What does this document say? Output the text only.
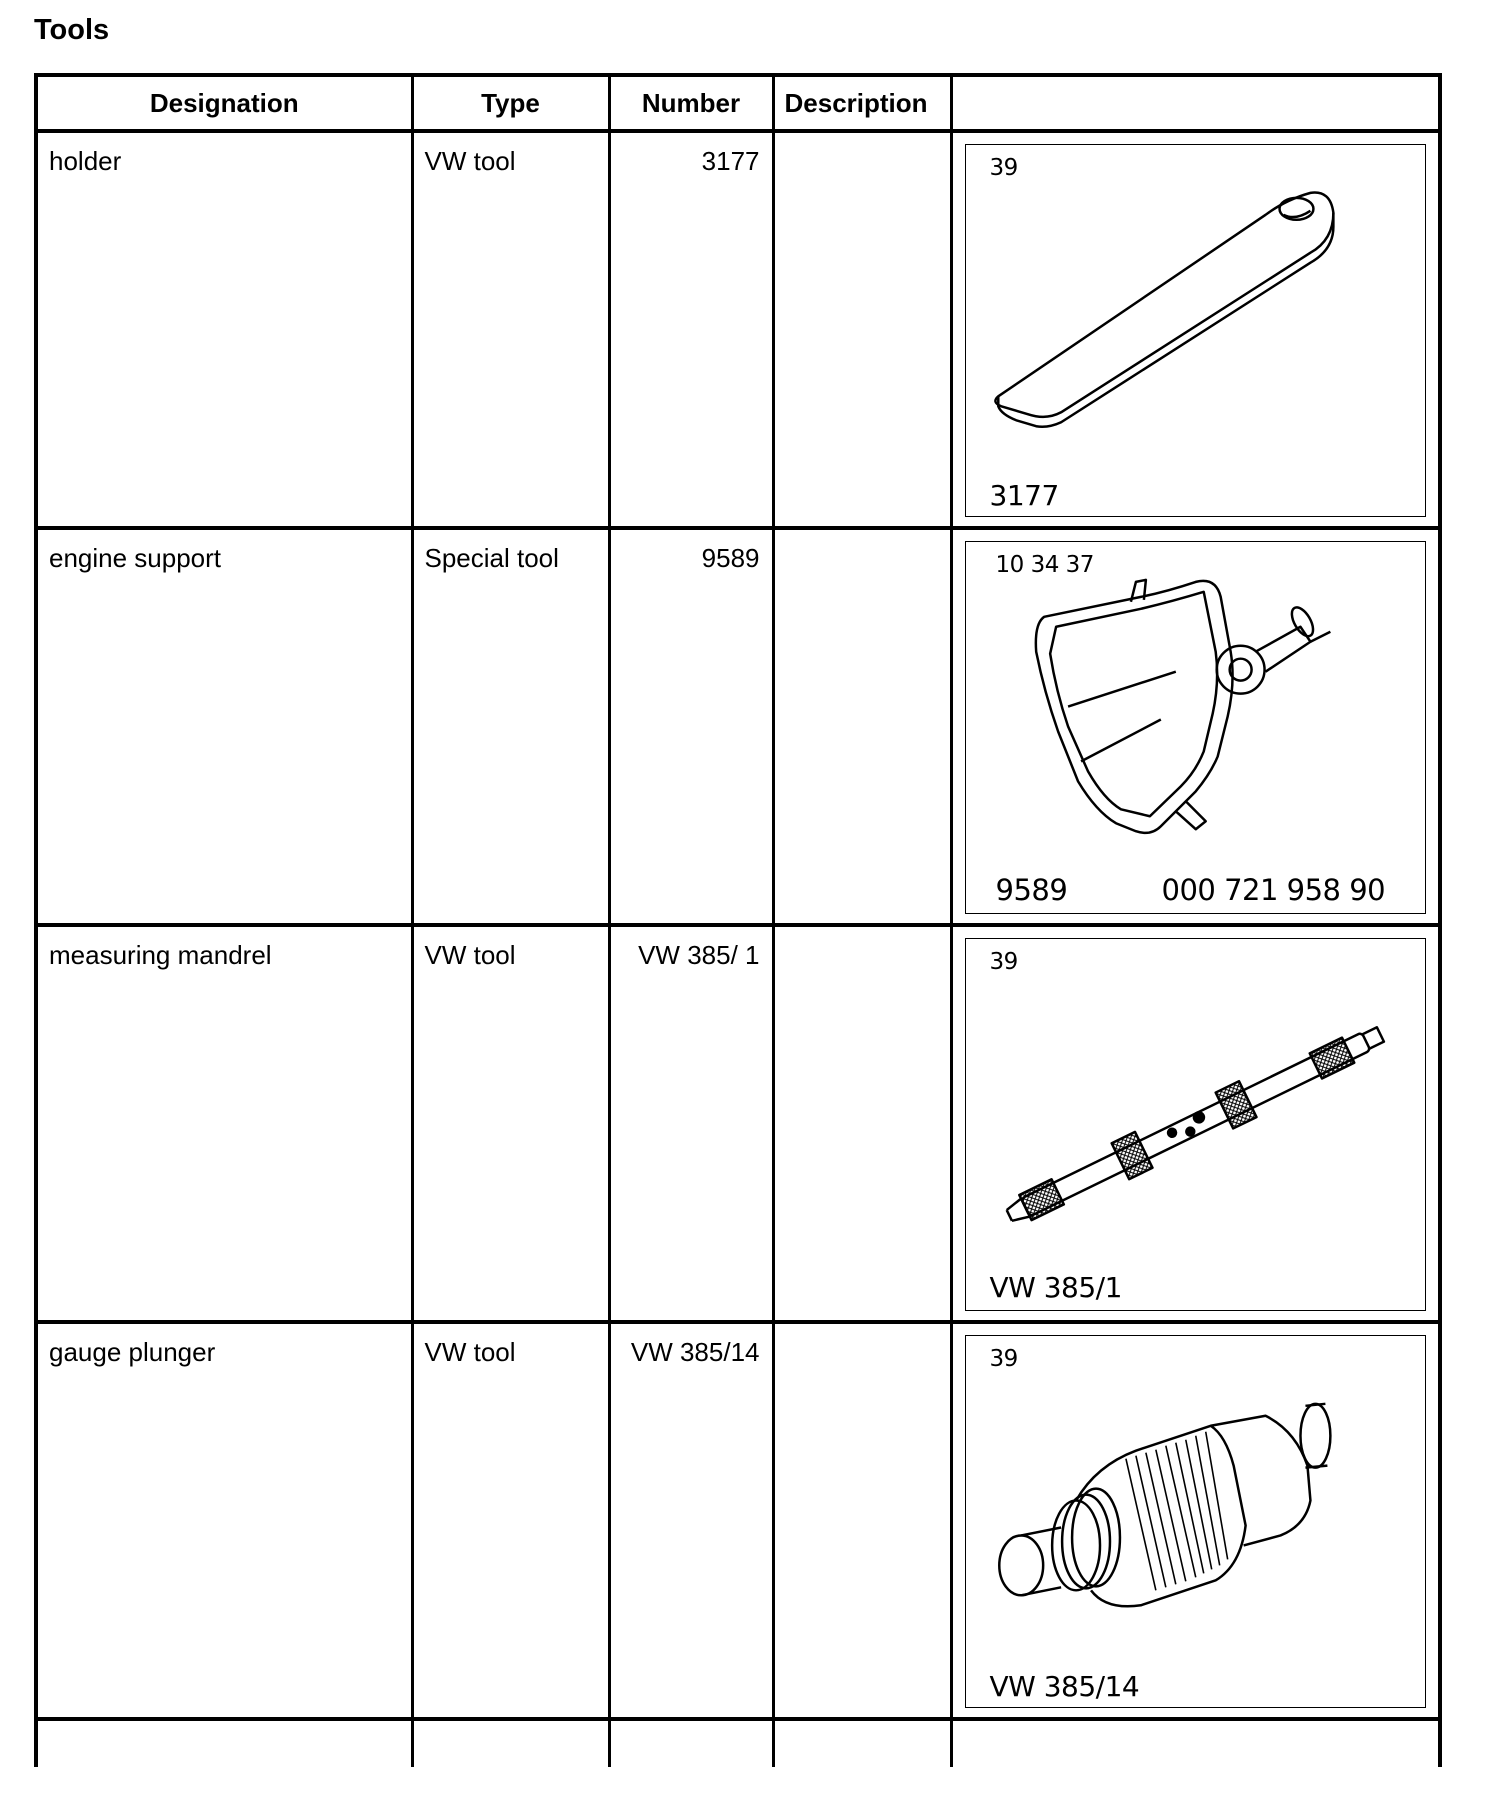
Tools
Designation	Type	Number	Description	

holder	VW tool	3177		39
3177

engine support	Special tool	9589		10 34 37
9589 000 721 958 90

measuring mandrel	VW tool	VW 385/ 1		39
VW 385/1

gauge plunger	VW tool	VW 385/14		39
VW 385/14
